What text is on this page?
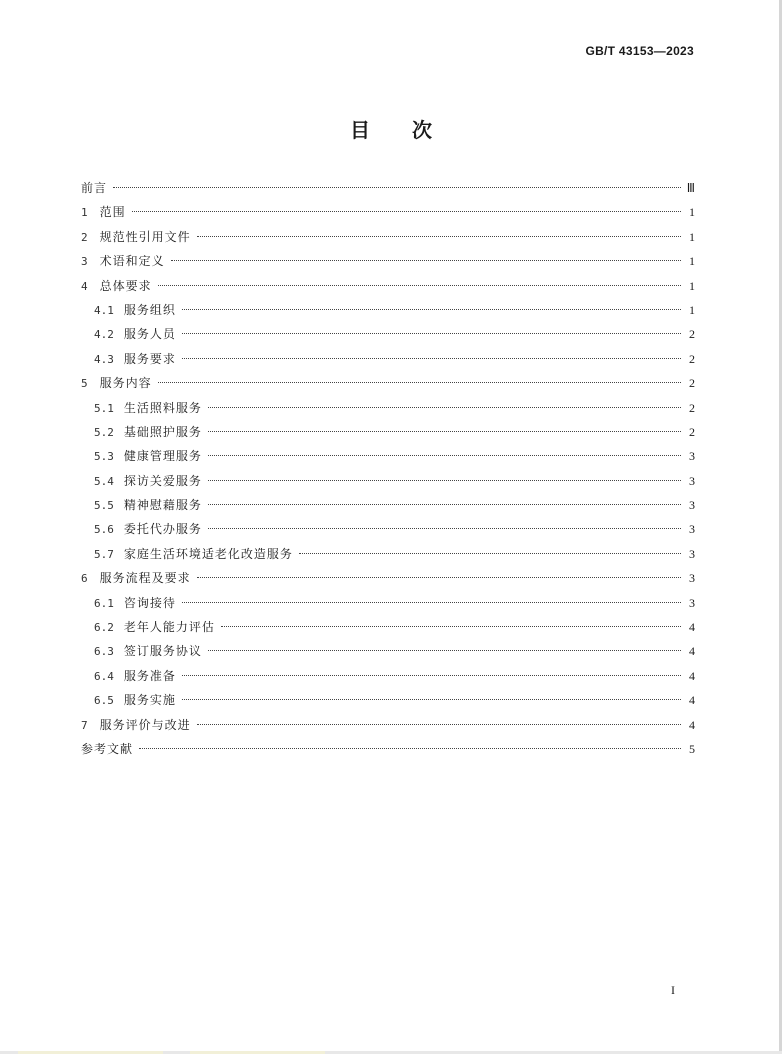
GB/T 43153—2023
目 次
前言	Ⅲ
1 范围	1
2 规范性引用文件	1
3 术语和定义	1
4 总体要求	1
4.1 服务组织	1
4.2 服务人员	2
4.3 服务要求	2
5 服务内容	2
5.1 生活照料服务	2
5.2 基础照护服务	2
5.3 健康管理服务	3
5.4 探访关爱服务	3
5.5 精神慰藉服务	3
5.6 委托代办服务	3
5.7 家庭生活环境适老化改造服务	3
6 服务流程及要求	3
6.1 咨询接待	3
6.2 老年人能力评估	4
6.3 签订服务协议	4
6.4 服务准备	4
6.5 服务实施	4
7 服务评价与改进	4
参考文献	5
I
